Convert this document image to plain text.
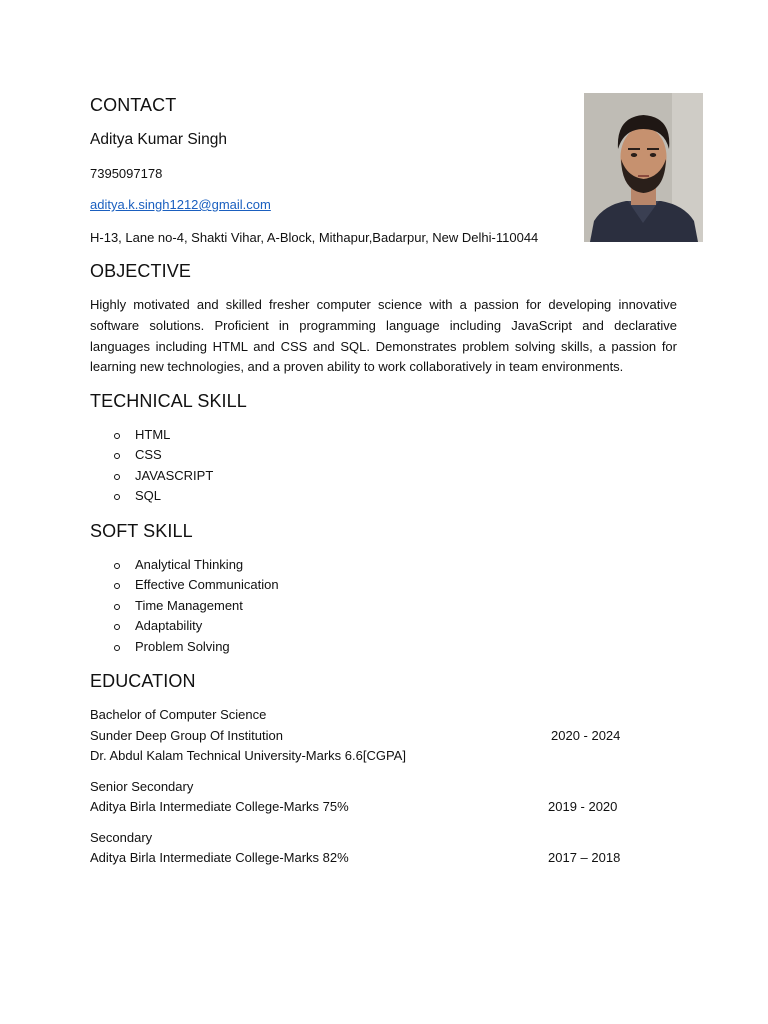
CONTACT
Aditya Kumar Singh
7395097178
aditya.k.singh1212@gmail.com
H-13, Lane no-4, Shakti Vihar, A-Block, Mithapur,Badarpur, New Delhi-110044
OBJECTIVE

Highly motivated and skilled fresher computer science with a passion for developing innovative software solutions. Proficient in programming language including JavaScript and declarative languages including HTML and CSS and SQL. Demonstrates problem solving skills, a passion for learning new technologies, and a proven ability to work collaboratively in team environments.

TECHNICAL SKILL
HTML
CSS
JAVASCRIPT
SQL
SOFT SKILL
Analytical Thinking
Effective Communication
Time Management
Adaptability
Problem Solving
EDUCATION
Bachelor of Computer Science
Sunder Deep Group Of Institution	2020 - 2024
Dr. Abdul Kalam Technical University-Marks 6.6[CGPA]
Senior Secondary
Aditya Birla Intermediate College-Marks 75%	2019 - 2020
Secondary
Aditya Birla Intermediate College-Marks 82%	2017 – 2018
